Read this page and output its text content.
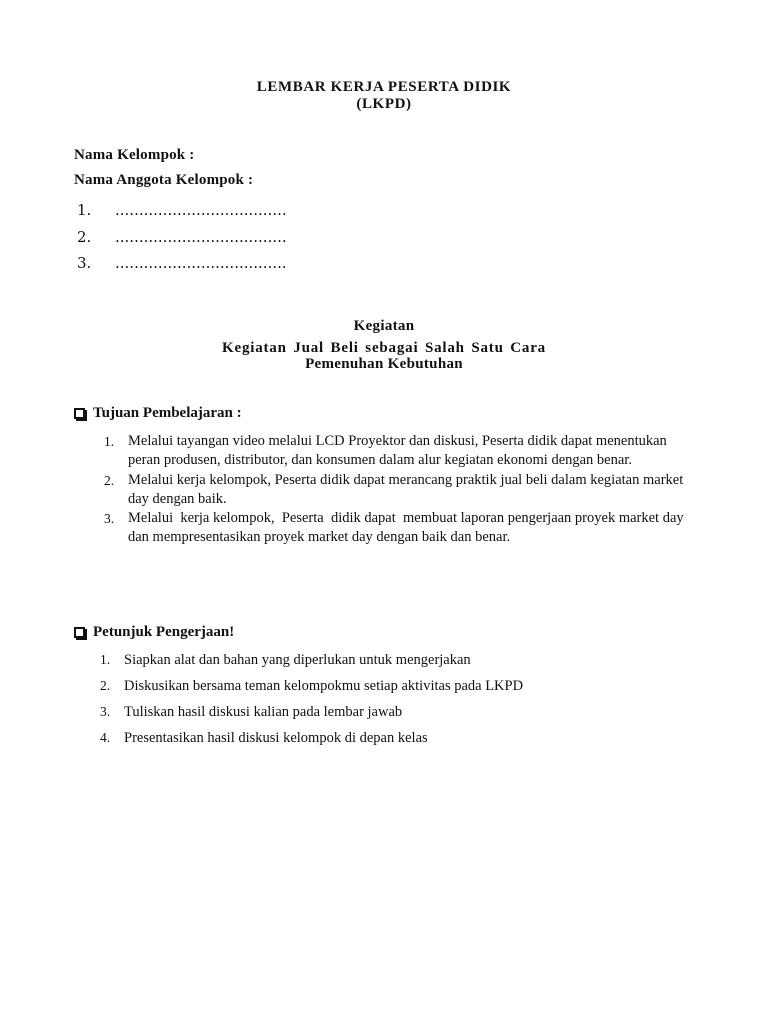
LEMBAR KERJA PESERTA DIDIK

(LKPD)

Nama Kelompok :
Nama Anggota Kelompok :
1. ....................................
2. ....................................
3. ....................................

Kegiatan

Kegiatan Jual Beli sebagai Salah Satu Cara

Pemenuhan Kebutuhan

Tujuan Pembelajaran :
1. Melalui tayangan video melalui LCD Proyektor dan diskusi, Peserta didik dapat menentukan peran produsen, distributor, dan konsumen dalam alur kegiatan ekonomi dengan benar.
2. Melalui kerja kelompok, Peserta didik dapat merancang praktik jual beli dalam kegiatan market day dengan baik.
3. Melalui  kerja kelompok,  Peserta  didik dapat  membuat laporan pengerjaan proyek market day dan mempresentasikan proyek market day dengan baik dan benar.
Petunjuk Pengerjaan!
1. Siapkan alat dan bahan yang diperlukan untuk mengerjakan
2. Diskusikan bersama teman kelompokmu setiap aktivitas pada LKPD
3. Tuliskan hasil diskusi kalian pada lembar jawab
4. Presentasikan hasil diskusi kelompok di depan kelas
